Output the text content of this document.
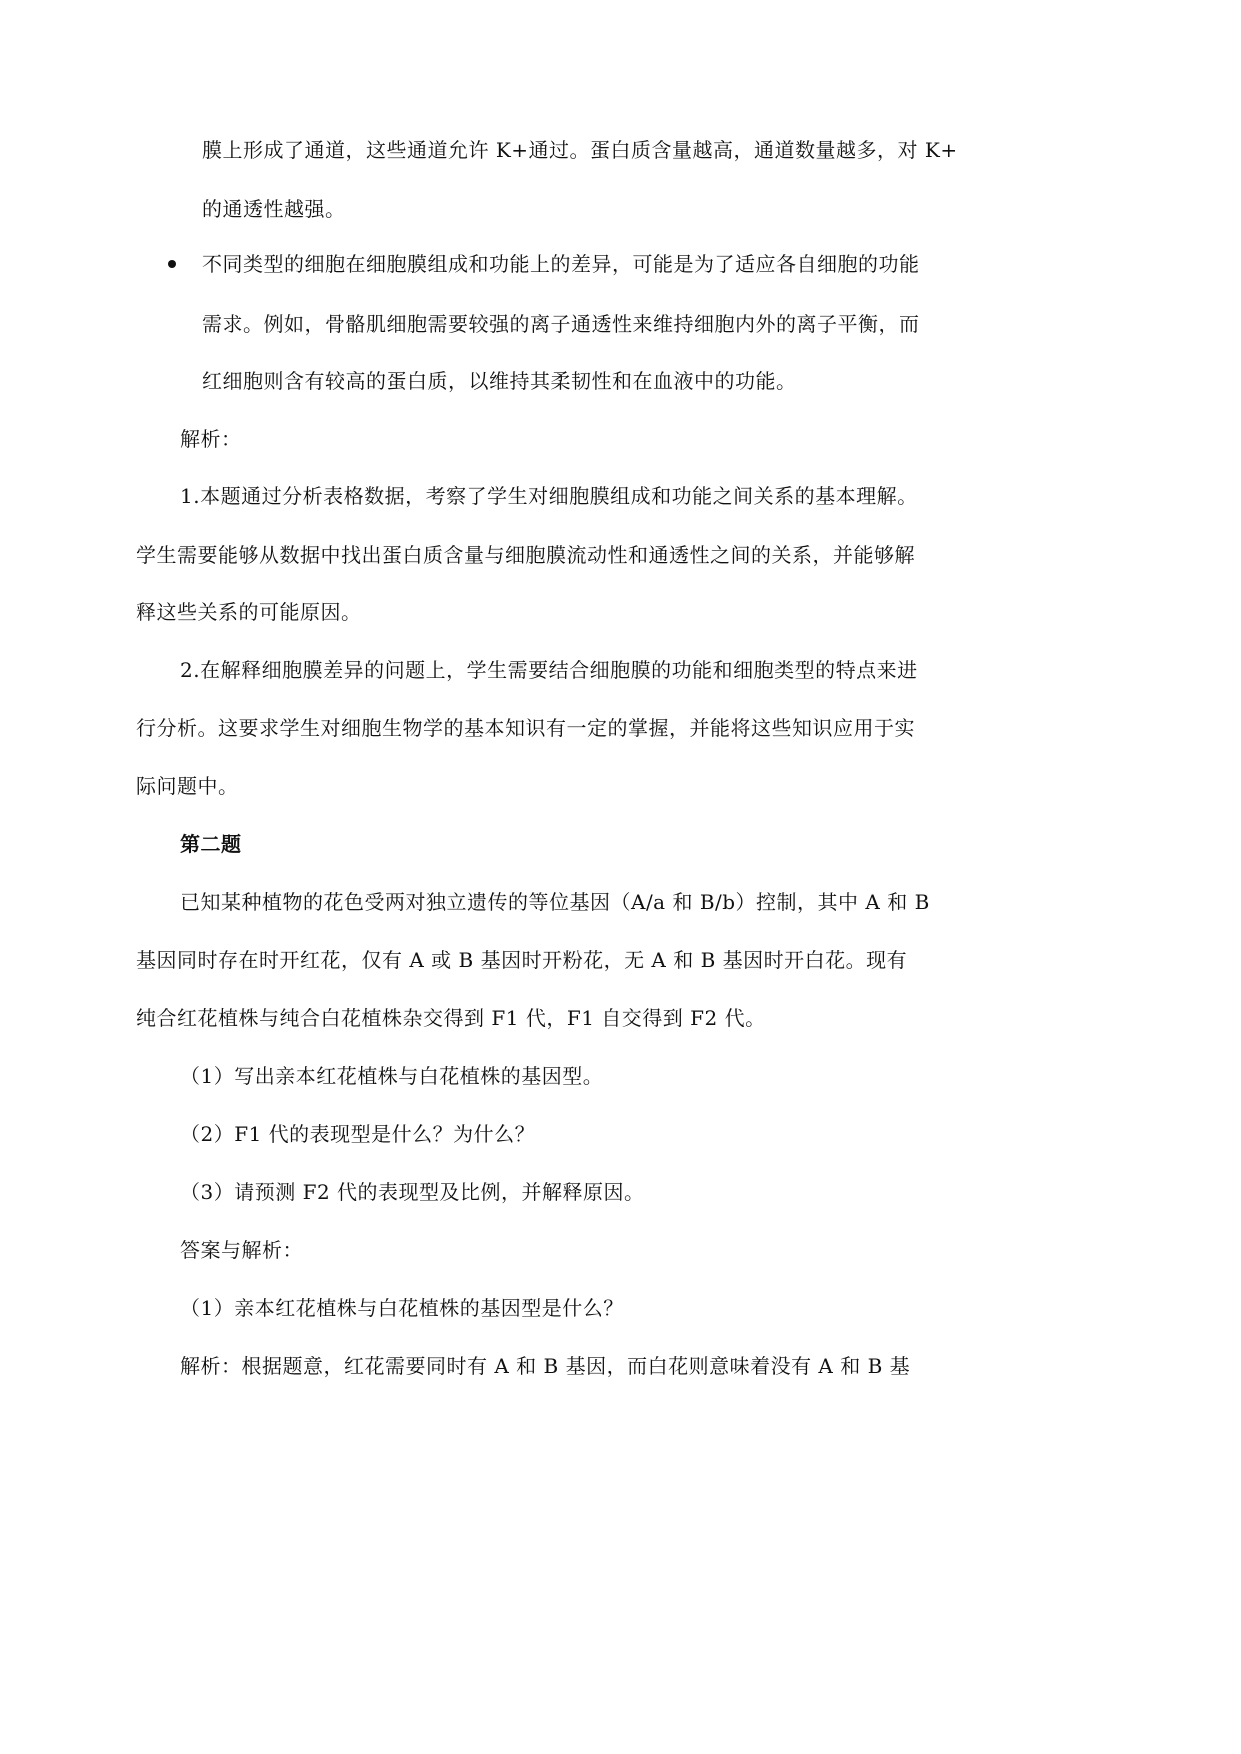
膜上形成了通道，这些通道允许 K+通过。蛋白质含量越高，通道数量越多，对 K+
的通透性越强。
不同类型的细胞在细胞膜组成和功能上的差异，可能是为了适应各自细胞的功能
需求。例如，骨骼肌细胞需要较强的离子通透性来维持细胞内外的离子平衡，而
红细胞则含有较高的蛋白质，以维持其柔韧性和在血液中的功能。
解析：
1.本题通过分析表格数据，考察了学生对细胞膜组成和功能之间关系的基本理解。
学生需要能够从数据中找出蛋白质含量与细胞膜流动性和通透性之间的关系，并能够解
释这些关系的可能原因。
2.在解释细胞膜差异的问题上，学生需要结合细胞膜的功能和细胞类型的特点来进
行分析。这要求学生对细胞生物学的基本知识有一定的掌握，并能将这些知识应用于实
际问题中。
第二题
已知某种植物的花色受两对独立遗传的等位基因（A/a 和 B/b）控制，其中 A 和 B
基因同时存在时开红花，仅有 A 或 B 基因时开粉花，无 A 和 B 基因时开白花。现有
纯合红花植株与纯合白花植株杂交得到 F1 代，F1 自交得到 F2 代。
（1）写出亲本红花植株与白花植株的基因型。
（2）F1 代的表现型是什么？为什么？
（3）请预测 F2 代的表现型及比例，并解释原因。
答案与解析：
（1）亲本红花植株与白花植株的基因型是什么？
解析：根据题意，红花需要同时有 A 和 B 基因，而白花则意味着没有 A 和 B 基
